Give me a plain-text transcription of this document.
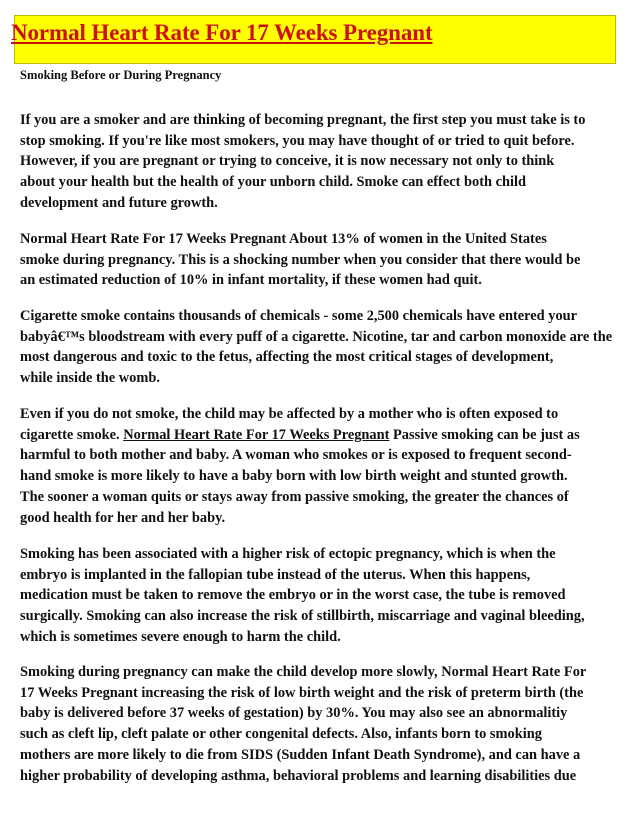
Normal Heart Rate For 17 Weeks Pregnant
Smoking Before or During Pregnancy

If you are a smoker and are thinking of becoming pregnant, the first step you must take is to
stop smoking. If you're like most smokers, you may have thought of or tried to quit before.
However, if you are pregnant or trying to conceive, it is now necessary not only to think
about your health but the health of your unborn child. Smoke can effect both child
development and future growth.

Normal Heart Rate For 17 Weeks Pregnant About 13% of women in the United States
smoke during pregnancy. This is a shocking number when you consider that there would be
an estimated reduction of 10% in infant mortality, if these women had quit.

Cigarette smoke contains thousands of chemicals - some 2,500 chemicals have entered your
babyâ€™s bloodstream with every puff of a cigarette. Nicotine, tar and carbon monoxide are the
most dangerous and toxic to the fetus, affecting the most critical stages of development,
while inside the womb.

Even if you do not smoke, the child may be affected by a mother who is often exposed to
cigarette smoke. Normal Heart Rate For 17 Weeks Pregnant Passive smoking can be just as
harmful to both mother and baby. A woman who smokes or is exposed to frequent second-
hand smoke is more likely to have a baby born with low birth weight and stunted growth.
The sooner a woman quits or stays away from passive smoking, the greater the chances of
good health for her and her baby.

Smoking has been associated with a higher risk of ectopic pregnancy, which is when the
embryo is implanted in the fallopian tube instead of the uterus. When this happens,
medication must be taken to remove the embryo or in the worst case, the tube is removed
surgically. Smoking can also increase the risk of stillbirth, miscarriage and vaginal bleeding,
which is sometimes severe enough to harm the child.

Smoking during pregnancy can make the child develop more slowly, Normal Heart Rate For
17 Weeks Pregnant increasing the risk of low birth weight and the risk of preterm birth (the
baby is delivered before 37 weeks of gestation) by 30%. You may also see an abnormalitiy
such as cleft lip, cleft palate or other congenital defects. Also, infants born to smoking
mothers are more likely to die from SIDS (Sudden Infant Death Syndrome), and can have a
higher probability of developing asthma, behavioral problems and learning disabilities due
